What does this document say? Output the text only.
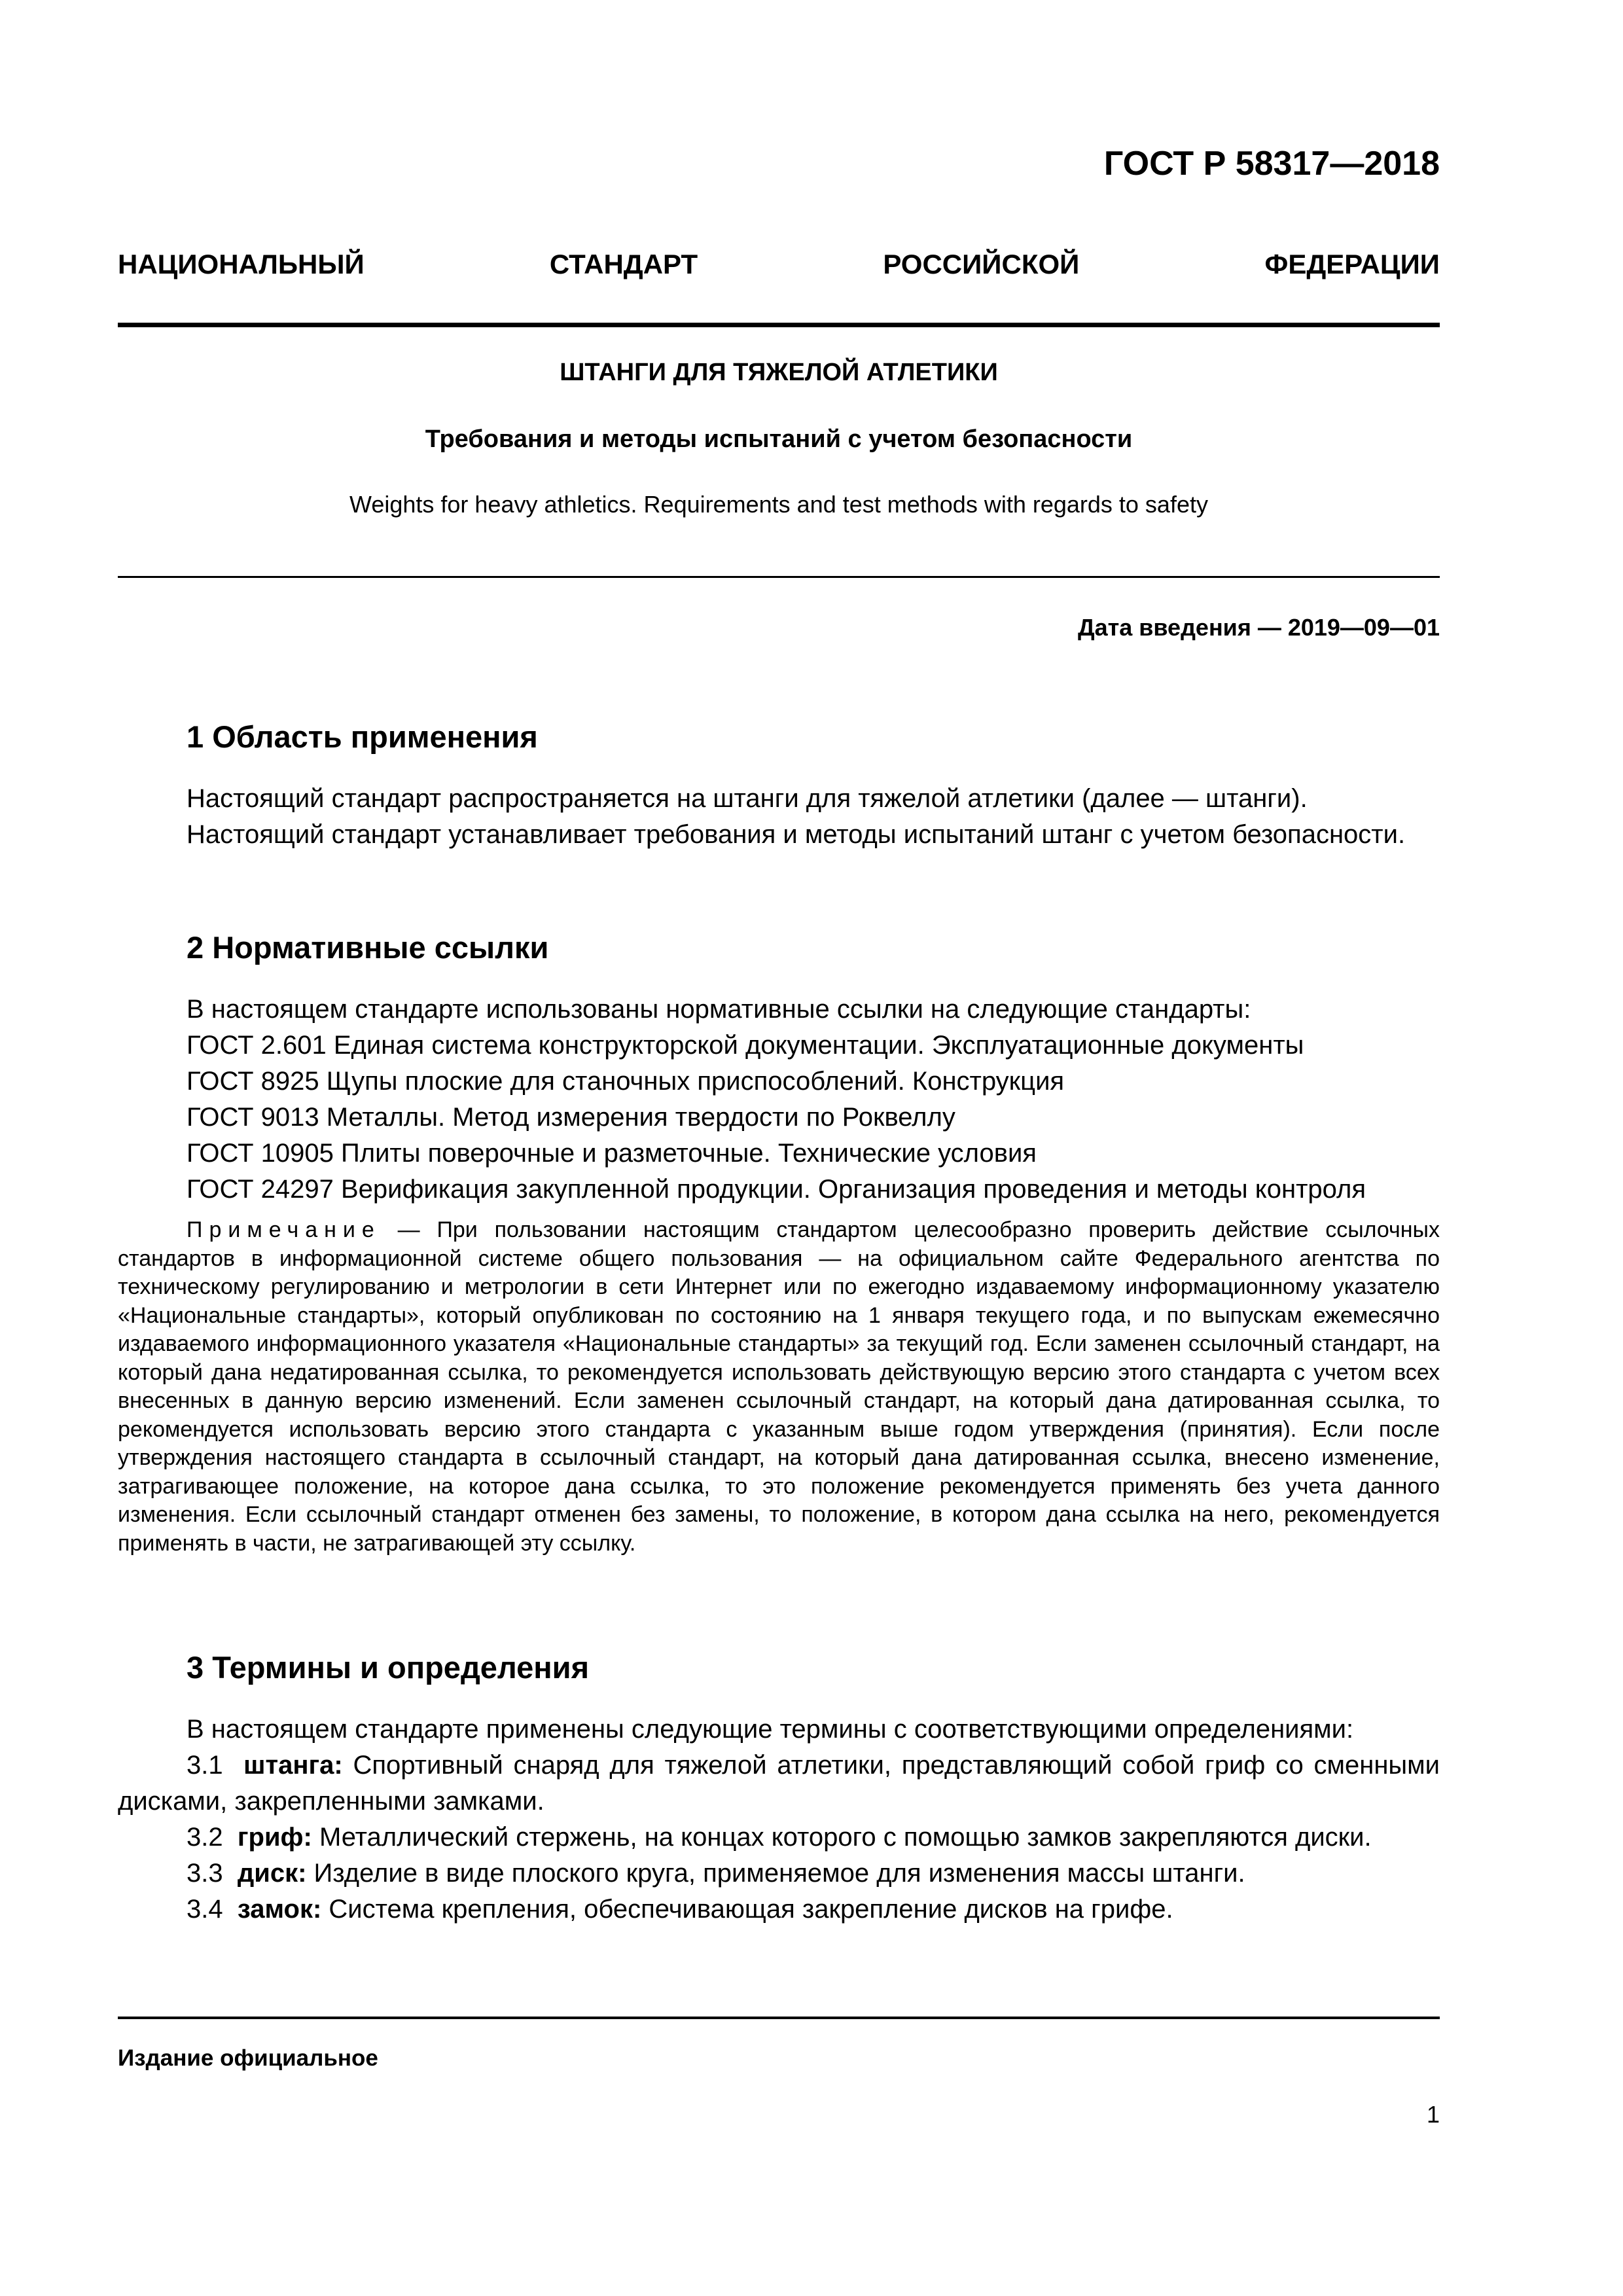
ГОСТ Р 58317—2018
НАЦИОНАЛЬНЫЙ СТАНДАРТ РОССИЙСКОЙ ФЕДЕРАЦИИ
ШТАНГИ ДЛЯ ТЯЖЕЛОЙ АТЛЕТИКИ
Требования и методы испытаний с учетом безопасности
Weights for heavy athletics. Requirements and test methods with regards to safety
Дата введения — 2019—09—01
1 Область применения

Настоящий стандарт распространяется на штанги для тяжелой атлетики (далее — штанги).

Настоящий стандарт устанавливает требования и методы испытаний штанг с учетом безопасности.

2 Нормативные ссылки

В настоящем стандарте использованы нормативные ссылки на следующие стандарты:

ГОСТ 2.601 Единая система конструкторской документации. Эксплуатационные документы

ГОСТ 8925 Щупы плоские для станочных приспособлений. Конструкция

ГОСТ 9013 Металлы. Метод измерения твердости по Роквеллу

ГОСТ 10905 Плиты поверочные и разметочные. Технические условия

ГОСТ 24297 Верификация закупленной продукции. Организация проведения и методы контроля

Примечание — При пользовании настоящим стандартом целесообразно проверить действие ссылочных стандартов в информационной системе общего пользования — на официальном сайте Федерального агентства по техническому регулированию и метрологии в сети Интернет или по ежегодно издаваемому информационному указателю «Национальные стандарты», который опубликован по состоянию на 1 января текущего года, и по выпускам ежемесячно издаваемого информационного указателя «Национальные стандарты» за текущий год. Если заменен ссылочный стандарт, на который дана недатированная ссылка, то рекомендуется использовать действующую версию этого стандарта с учетом всех внесенных в данную версию изменений. Если заменен ссылочный стандарт, на который дана датированная ссылка, то рекомендуется использовать версию этого стандарта с указанным выше годом утверждения (принятия). Если после утверждения настоящего стандарта в ссылочный стандарт, на который дана датированная ссылка, внесено изменение, затрагивающее положение, на которое дана ссылка, то это положение рекомендуется применять без учета данного изменения. Если ссылочный стандарт отменен без замены, то положение, в котором дана ссылка на него, рекомендуется применять в части, не затрагивающей эту ссылку.
3 Термины и определения

В настоящем стандарте применены следующие термины с соответствующими определениями:

3.1 штанга: Спортивный снаряд для тяжелой атлетики, представляющий собой гриф со сменными дисками, закрепленными замками.

3.2 гриф: Металлический стержень, на концах которого с помощью замков закрепляются диски.

3.3 диск: Изделие в виде плоского круга, применяемое для изменения массы штанги.

3.4 замок: Система крепления, обеспечивающая закрепление дисков на грифе.

Издание официальное
1
